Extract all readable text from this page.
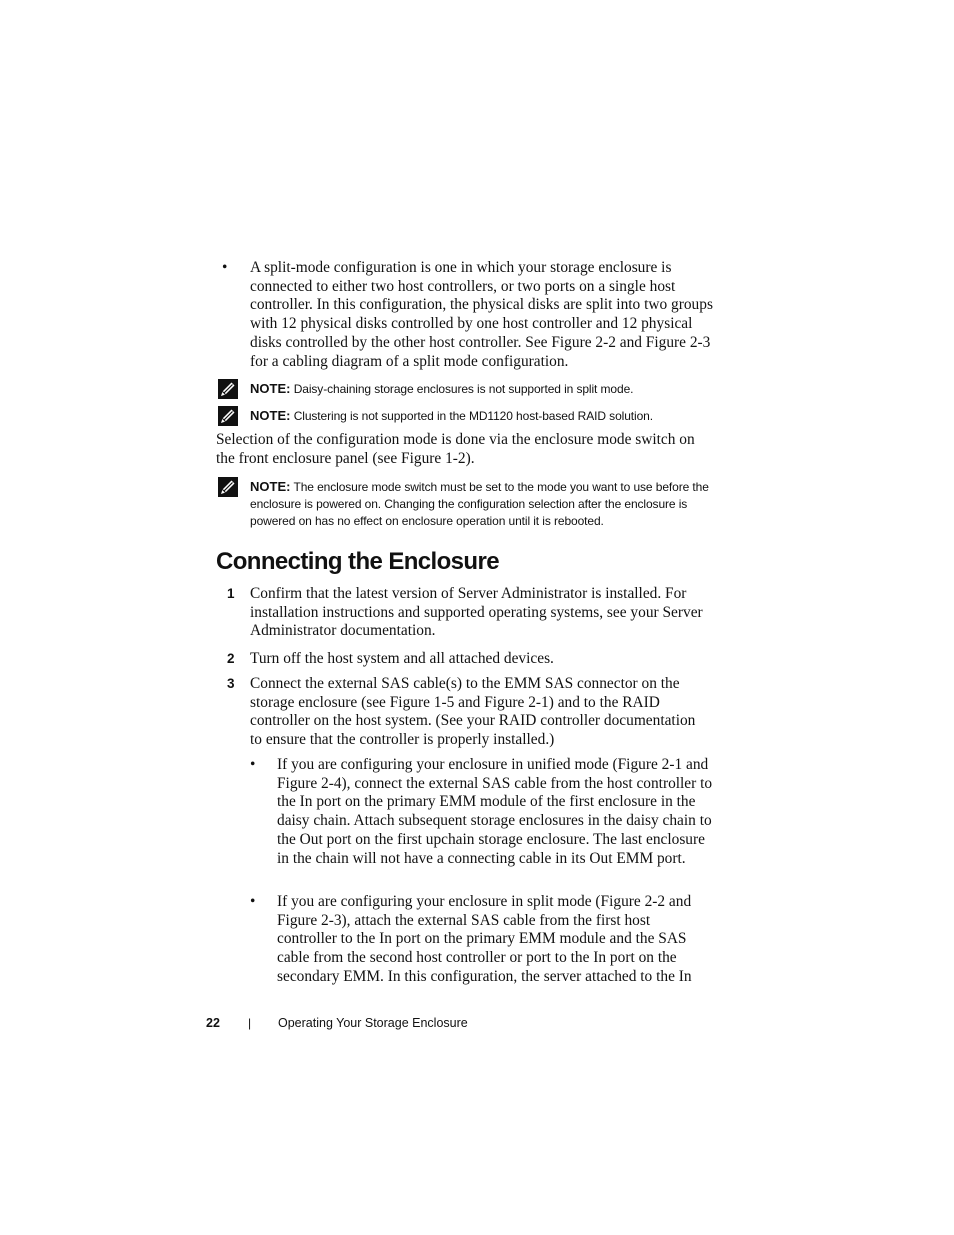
• A split-mode configuration is one in which your storage enclosure is connected to either two host controllers, or two ports on a single host controller. In this configuration, the physical disks are split into two groups with 12 physical disks controlled by one host controller and 12 physical disks controlled by the other host controller. See Figure 2-2 and Figure 2-3 for a cabling diagram of a split mode configuration.
NOTE: Daisy-chaining storage enclosures is not supported in split mode.
NOTE: Clustering is not supported in the MD1120 host-based RAID solution.
Selection of the configuration mode is done via the enclosure mode switch on the front enclosure panel (see Figure 1-2).
NOTE: The enclosure mode switch must be set to the mode you want to use before the enclosure is powered on. Changing the configuration selection after the enclosure is powered on has no effect on enclosure operation until it is rebooted.
Connecting the Enclosure
1 Confirm that the latest version of Server Administrator is installed. For installation instructions and supported operating systems, see your Server Administrator documentation.
2 Turn off the host system and all attached devices.
3 Connect the external SAS cable(s) to the EMM SAS connector on the storage enclosure (see Figure 1-5 and Figure 2-1) and to the RAID controller on the host system. (See your RAID controller documentation to ensure that the controller is properly installed.)
• If you are configuring your enclosure in unified mode (Figure 2-1 and Figure 2-4), connect the external SAS cable from the host controller to the In port on the primary EMM module of the first enclosure in the daisy chain. Attach subsequent storage enclosures in the daisy chain to the Out port on the first upchain storage enclosure. The last enclosure in the chain will not have a connecting cable in its Out EMM port.
• If you are configuring your enclosure in split mode (Figure 2-2 and Figure 2-3), attach the external SAS cable from the first host controller to the In port on the primary EMM module and the SAS cable from the second host controller or port to the In port on the secondary EMM. In this configuration, the server attached to the In
22 | Operating Your Storage Enclosure
